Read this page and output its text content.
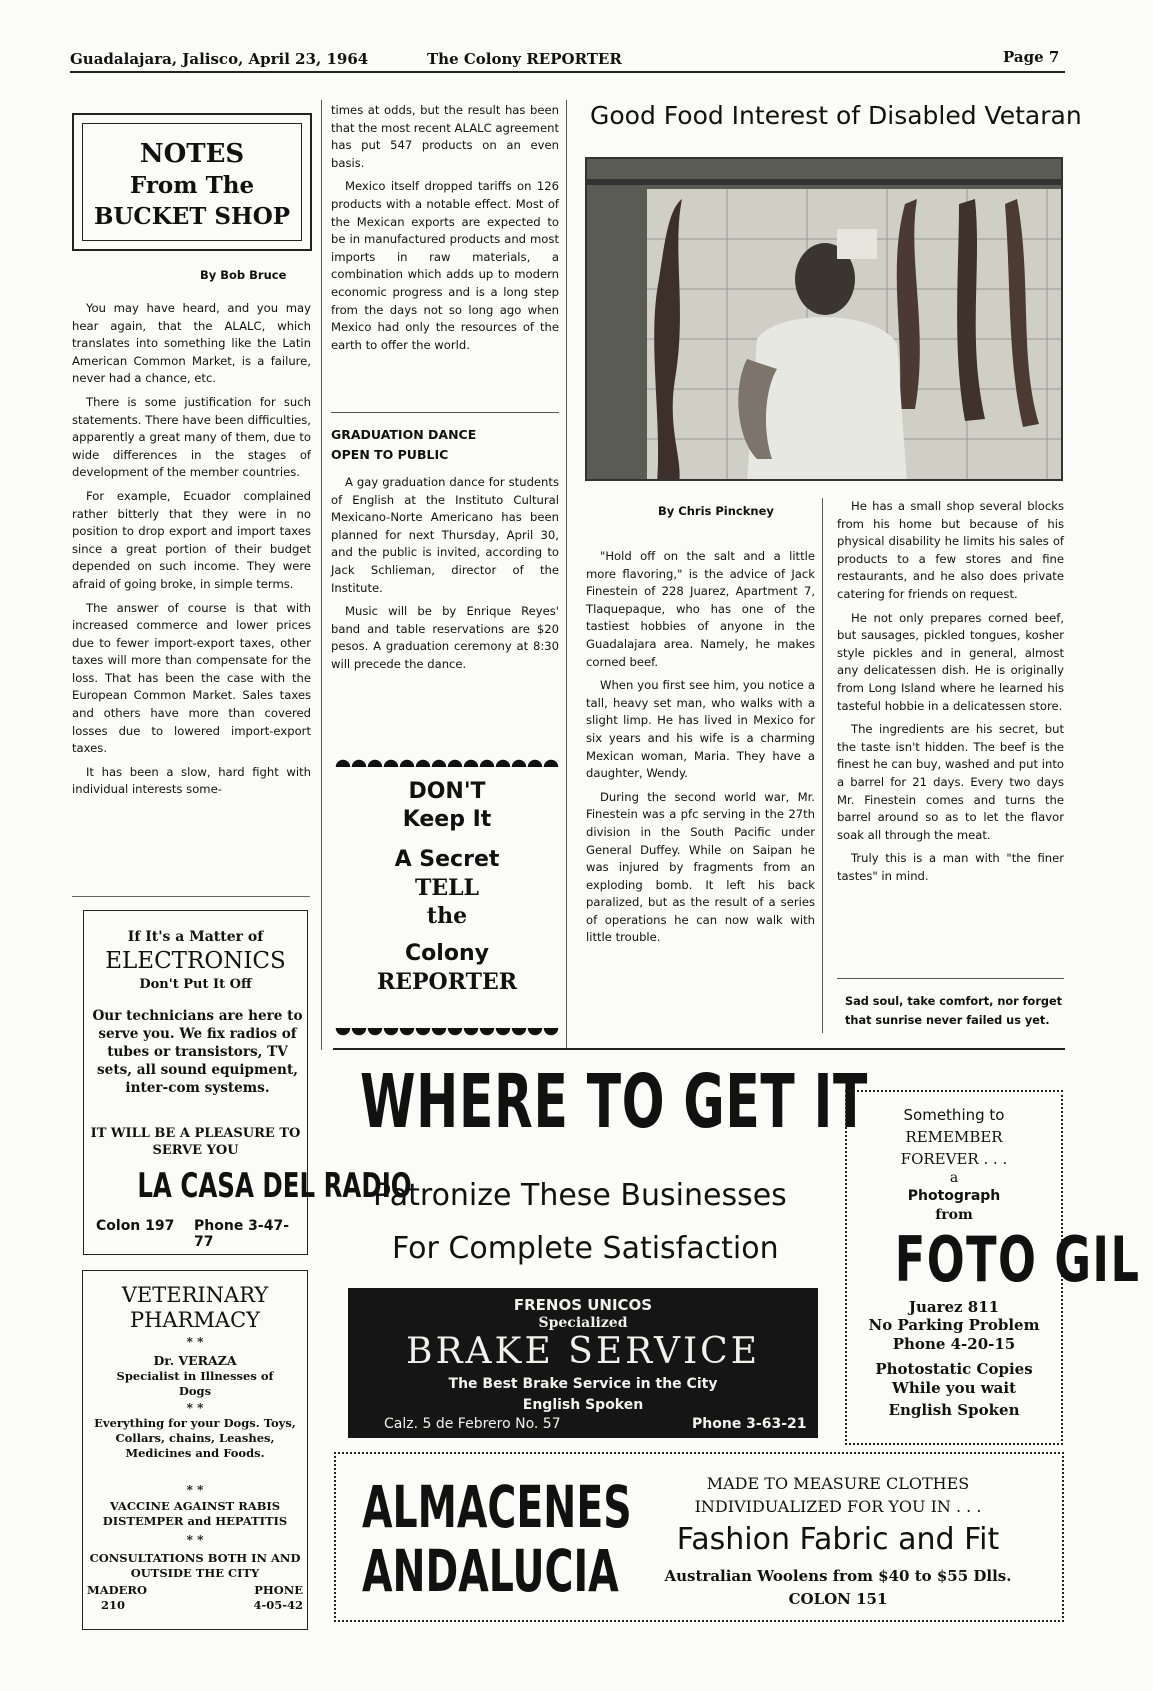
Guadalajara, Jalisco, April 23, 1964	The Colony REPORTER	Page 7
NOTES
From The
BUCKET SHOP
By Bob Bruce

You may have heard, and you may hear again, that the ALALC, which translates into something like the Latin American Common Market, is a failure, never had a chance, etc.

There is some justification for such statements. There have been difficulties, apparently a great many of them, due to wide differences in the stages of development of the member countries.

For example, Ecuador complained rather bitterly that they were in no position to drop export and import taxes since a great portion of their budget depended on such income. They were afraid of going broke, in simple terms.

The answer of course is that with increased commerce and lower prices due to fewer import-export taxes, other taxes will more than compensate for the loss. That has been the case with the European Common Market. Sales taxes and others have more than covered losses due to lowered import-export taxes.

It has been a slow, hard fight with individual interests some-

times at odds, but the result has been that the most recent ALALC agreement has put 547 products on an even basis.

Mexico itself dropped tariffs on 126 products with a notable effect. Most of the Mexican exports are expected to be in manufactured products and most imports in raw materials, a combination which adds up to modern economic progress and is a long step from the days not so long ago when Mexico had only the resources of the earth to offer the world.

GRADUATION DANCE
OPEN TO PUBLIC

A gay graduation dance for students of English at the Instituto Cultural Mexicano-Norte Americano has been planned for next Thursday, April 30, and the public is invited, according to Jack Schlieman, director of the Institute.

Music will be by Enrique Reyes' band and table reservations are $20 pesos. A graduation ceremony at 8:30 will precede the dance.

DON'T
Keep It
A Secret
TELL
the
Colony
REPORTER
Good Food Interest of Disabled Vetaran
By Chris Pinckney

"Hold off on the salt and a little more flavoring," is the advice of Jack Finestein of 228 Juarez, Apartment 7, Tlaquepaque, who has one of the tastiest hobbies of anyone in the Guadalajara area. Namely, he makes corned beef.

When you first see him, you notice a tall, heavy set man, who walks with a slight limp. He has lived in Mexico for six years and his wife is a charming Mexican woman, Maria. They have a daughter, Wendy.

During the second world war, Mr. Finestein was a pfc serving in the 27th division in the South Pacific under General Duffey. While on Saipan he was injured by fragments from an exploding bomb. It left his back paralized, but as the result of a series of operations he can now walk with little trouble.

He has a small shop several blocks from his home but because of his physical disability he limits his sales of products to a few stores and fine restaurants, and he also does private catering for friends on request.

He not only prepares corned beef, but sausages, pickled tongues, kosher style pickles and in general, almost any delicatessen dish. He is originally from Long Island where he learned his tasteful hobbie in a delicatessen store.

The ingredients are his secret, but the taste isn't hidden. The beef is the finest he can buy, washed and put into a barrel for 21 days. Every two days Mr. Finestein comes and turns the barrel around so as to let the flavor soak all through the meat.

Truly this is a man with "the finer tastes" in mind.

Sad soul, take comfort, nor forget that sunrise never failed us yet.
If It's a Matter of
ELECTRONICS
Don't Put It Off
Our technicians are here to serve you. We fix radios of tubes or transistors, TV sets, all sound equipment, inter-com systems.
IT WILL BE A PLEASURE TO SERVE YOU
LA CASA DEL RADIO
Colon 197 Phone 3-47-77
VETERINARY
PHARMACY
* *
Dr. VERAZA
Specialist in Illnesses of Dogs
* *
Everything for your Dogs. Toys, Collars, chains, Leashes, Medicines and Foods.
* *
VACCINE AGAINST RABIS DISTEMPER and HEPATITIS
* *
CONSULTATIONS BOTH IN AND OUTSIDE THE CITY
MADERO
210
PHONE
4-05-42
WHERE TO GET IT
Patronize These Businesses
For Complete Satisfaction
FRENOS UNICOS
Specialized
BRAKE SERVICE
The Best Brake Service in the City
English Spoken
Calz. 5 de Febrero No. 57	Phone 3-63-21
Something to
REMEMBER
FOREVER . . .
a
Photograph
from
FOTO GIL
Juarez 811
No Parking Problem
Phone 4-20-15
Photostatic Copies
While you wait
English Spoken
ALMACENES
ANDALUCIA
MADE TO MEASURE CLOTHES
INDIVIDUALIZED FOR YOU IN . . .
Fashion Fabric and Fit
Australian Woolens from $40 to $55 Dlls.
COLON 151
